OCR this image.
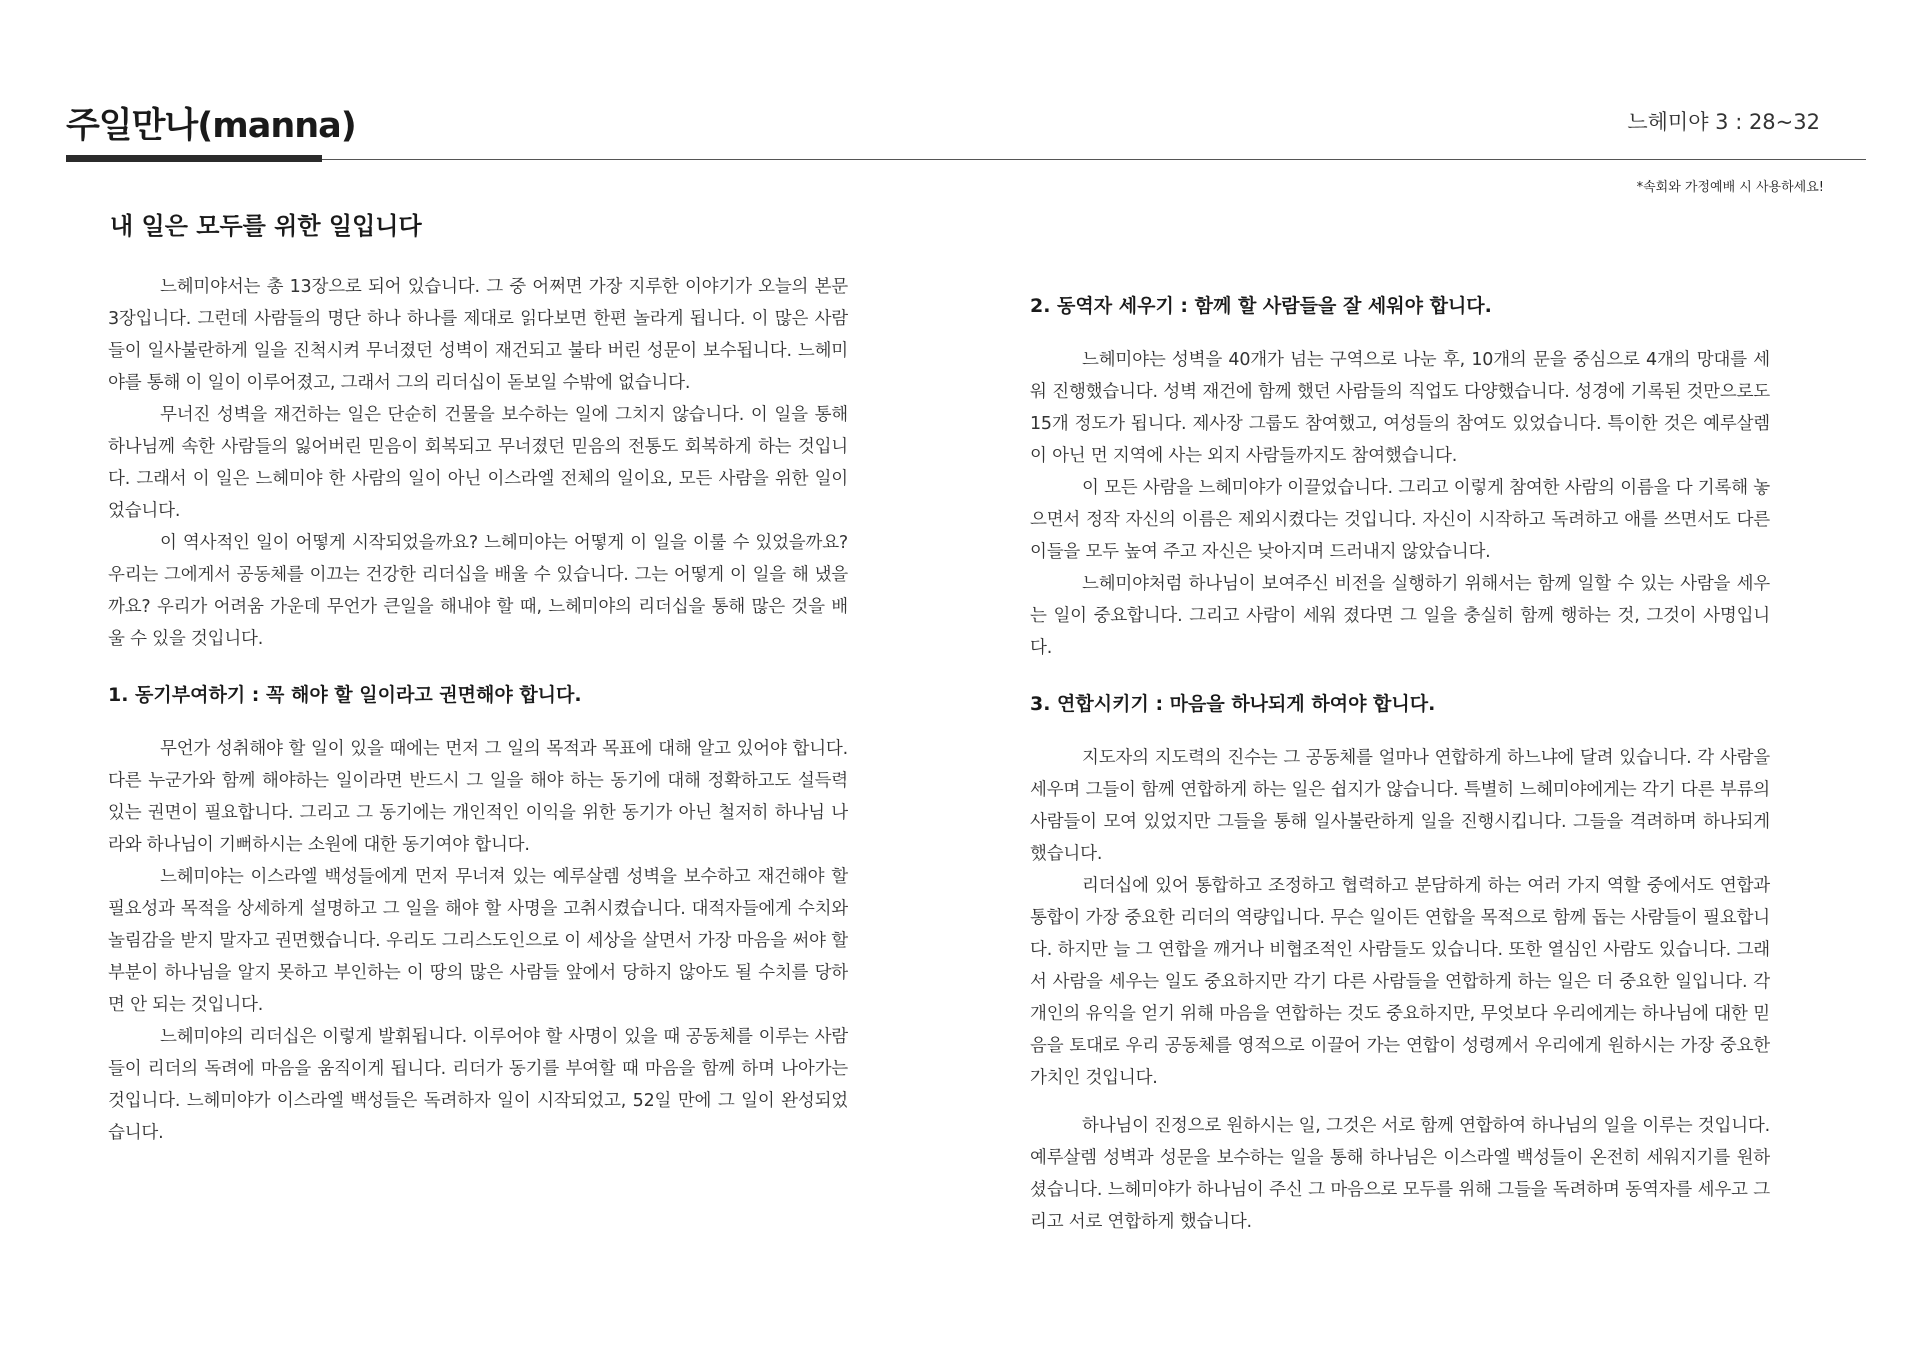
주일만나(manna)	느헤미야 3 : 28~32
*속회와 가정예배 시 사용하세요!
내 일은 모두를 위한 일입니다

느헤미야서는 총 13장으로 되어 있습니다. 그 중 어쩌면 가장 지루한 이야기가 오늘의 본문 3장입니다. 그런데 사람들의 명단 하나 하나를 제대로 읽다보면 한편 놀라게 됩니다. 이 많은 사람들이 일사불란하게 일을 진척시켜 무너졌던 성벽이 재건되고 불타 버린 성문이 보수됩니다. 느헤미야를 통해 이 일이 이루어졌고, 그래서 그의 리더십이 돋보일 수밖에 없습니다.

무너진 성벽을 재건하는 일은 단순히 건물을 보수하는 일에 그치지 않습니다. 이 일을 통해 하나님께 속한 사람들의 잃어버린 믿음이 회복되고 무너졌던 믿음의 전통도 회복하게 하는 것입니다. 그래서 이 일은 느헤미야 한 사람의 일이 아닌 이스라엘 전체의 일이요, 모든 사람을 위한 일이었습니다.

이 역사적인 일이 어떻게 시작되었을까요? 느헤미야는 어떻게 이 일을 이룰 수 있었을까요? 우리는 그에게서 공동체를 이끄는 건강한 리더십을 배울 수 있습니다. 그는 어떻게 이 일을 해 냈을까요? 우리가 어려움 가운데 무언가 큰일을 해내야 할 때, 느헤미야의 리더십을 통해 많은 것을 배울 수 있을 것입니다.

1. 동기부여하기 : 꼭 해야 할 일이라고 권면해야 합니다.

무언가 성취해야 할 일이 있을 때에는 먼저 그 일의 목적과 목표에 대해 알고 있어야 합니다. 다른 누군가와 함께 해야하는 일이라면 반드시 그 일을 해야 하는 동기에 대해 정확하고도 설득력 있는 권면이 필요합니다. 그리고 그 동기에는 개인적인 이익을 위한 동기가 아닌 철저히 하나님 나라와 하나님이 기뻐하시는 소원에 대한 동기여야 합니다.

느헤미야는 이스라엘 백성들에게 먼저 무너져 있는 예루살렘 성벽을 보수하고 재건해야 할 필요성과 목적을 상세하게 설명하고 그 일을 해야 할 사명을 고취시켰습니다. 대적자들에게 수치와 놀림감을 받지 말자고 권면했습니다. 우리도 그리스도인으로 이 세상을 살면서 가장 마음을 써야 할 부분이 하나님을 알지 못하고 부인하는 이 땅의 많은 사람들 앞에서 당하지 않아도 될 수치를 당하면 안 되는 것입니다.

느헤미야의 리더십은 이렇게 발휘됩니다. 이루어야 할 사명이 있을 때 공동체를 이루는 사람들이 리더의 독려에 마음을 움직이게 됩니다. 리더가 동기를 부여할 때 마음을 함께 하며 나아가는 것입니다. 느헤미야가 이스라엘 백성들은 독려하자 일이 시작되었고, 52일 만에 그 일이 완성되었습니다.

2. 동역자 세우기 : 함께 할 사람들을 잘 세워야 합니다.

느헤미야는 성벽을 40개가 넘는 구역으로 나눈 후, 10개의 문을 중심으로 4개의 망대를 세워 진행했습니다. 성벽 재건에 함께 했던 사람들의 직업도 다양했습니다. 성경에 기록된 것만으로도 15개 정도가 됩니다. 제사장 그룹도 참여했고, 여성들의 참여도 있었습니다. 특이한 것은 예루살렘이 아닌 먼 지역에 사는 외지 사람들까지도 참여했습니다.

이 모든 사람을 느헤미야가 이끌었습니다. 그리고 이렇게 참여한 사람의 이름을 다 기록해 놓으면서 정작 자신의 이름은 제외시켰다는 것입니다. 자신이 시작하고 독려하고 애를 쓰면서도 다른 이들을 모두 높여 주고 자신은 낮아지며 드러내지 않았습니다.

느헤미야처럼 하나님이 보여주신 비전을 실행하기 위해서는 함께 일할 수 있는 사람을 세우는 일이 중요합니다. 그리고 사람이 세워 졌다면 그 일을 충실히 함께 행하는 것, 그것이 사명입니다.

3. 연합시키기 : 마음을 하나되게 하여야 합니다.

지도자의 지도력의 진수는 그 공동체를 얼마나 연합하게 하느냐에 달려 있습니다. 각 사람을 세우며 그들이 함께 연합하게 하는 일은 쉽지가 않습니다. 특별히 느헤미야에게는 각기 다른 부류의 사람들이 모여 있었지만 그들을 통해 일사불란하게 일을 진행시킵니다. 그들을 격려하며 하나되게 했습니다.

리더십에 있어 통합하고 조정하고 협력하고 분담하게 하는 여러 가지 역할 중에서도 연합과 통합이 가장 중요한 리더의 역량입니다. 무슨 일이든 연합을 목적으로 함께 돕는 사람들이 필요합니다. 하지만 늘 그 연합을 깨거나 비협조적인 사람들도 있습니다. 또한 열심인 사람도 있습니다. 그래서 사람을 세우는 일도 중요하지만 각기 다른 사람들을 연합하게 하는 일은 더 중요한 일입니다. 각 개인의 유익을 얻기 위해 마음을 연합하는 것도 중요하지만, 무엇보다 우리에게는 하나님에 대한 믿음을 토대로 우리 공동체를 영적으로 이끌어 가는 연합이 성령께서 우리에게 원하시는 가장 중요한 가치인 것입니다.

하나님이 진정으로 원하시는 일, 그것은 서로 함께 연합하여 하나님의 일을 이루는 것입니다. 예루살렘 성벽과 성문을 보수하는 일을 통해 하나님은 이스라엘 백성들이 온전히 세워지기를 원하셨습니다. 느헤미야가 하나님이 주신 그 마음으로 모두를 위해 그들을 독려하며 동역자를 세우고 그리고 서로 연합하게 했습니다.
